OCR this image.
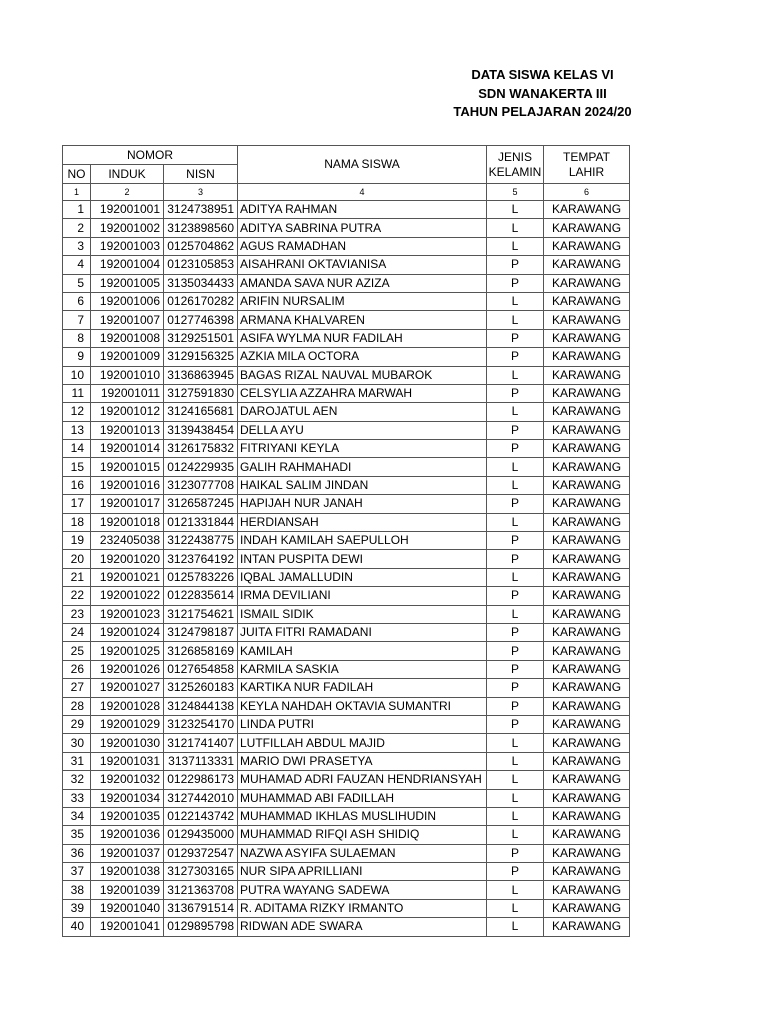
DATA SISWA KELAS VI
SDN WANAKERTA III
TAHUN PELAJARAN 2024/20
NOMOR			NAMA SISWA	JENIS KELAMIN	TEMPAT LAHIR
NO	INDUK	NISN			
1	2	3	4	5	6
1	192001001	3124738951	ADITYA RAHMAN	L	KARAWANG
2	192001002	3123898560	ADITYA SABRINA PUTRA	L	KARAWANG
3	192001003	0125704862	AGUS RAMADHAN	L	KARAWANG
4	192001004	0123105853	AISAHRANI OKTAVIANISA	P	KARAWANG
5	192001005	3135034433	AMANDA SAVA NUR AZIZA	P	KARAWANG
6	192001006	0126170282	ARIFIN NURSALIM	L	KARAWANG
7	192001007	0127746398	ARMANA KHALVAREN	L	KARAWANG
8	192001008	3129251501	ASIFA WYLMA NUR FADILAH	P	KARAWANG
9	192001009	3129156325	AZKIA MILA OCTORA	P	KARAWANG
10	192001010	3136863945	BAGAS RIZAL NAUVAL MUBAROK	L	KARAWANG
11	192001011	3127591830	CELSYLIA AZZAHRA MARWAH	P	KARAWANG
12	192001012	3124165681	DAROJATUL AEN	L	KARAWANG
13	192001013	3139438454	DELLA AYU	P	KARAWANG
14	192001014	3126175832	FITRIYANI KEYLA	P	KARAWANG
15	192001015	0124229935	GALIH RAHMAHADI	L	KARAWANG
16	192001016	3123077708	HAIKAL SALIM JINDAN	L	KARAWANG
17	192001017	3126587245	HAPIJAH NUR JANAH	P	KARAWANG
18	192001018	0121331844	HERDIANSAH	L	KARAWANG
19	232405038	3122438775	INDAH KAMILAH SAEPULLOH	P	KARAWANG
20	192001020	3123764192	INTAN PUSPITA DEWI	P	KARAWANG
21	192001021	0125783226	IQBAL JAMALLUDIN	L	KARAWANG
22	192001022	0122835614	IRMA DEVILIANI	P	KARAWANG
23	192001023	3121754621	ISMAIL SIDIK	L	KARAWANG
24	192001024	3124798187	JUITA FITRI RAMADANI	P	KARAWANG
25	192001025	3126858169	KAMILAH	P	KARAWANG
26	192001026	0127654858	KARMILA SASKIA	P	KARAWANG
27	192001027	3125260183	KARTIKA NUR FADILAH	P	KARAWANG
28	192001028	3124844138	KEYLA NAHDAH OKTAVIA SUMANTRI	P	KARAWANG
29	192001029	3123254170	LINDA PUTRI	P	KARAWANG
30	192001030	3121741407	LUTFILLAH ABDUL MAJID	L	KARAWANG
31	192001031	3137113331	MARIO DWI PRASETYA	L	KARAWANG
32	192001032	0122986173	MUHAMAD ADRI FAUZAN HENDRIANSYAH	L	KARAWANG
33	192001034	3127442010	MUHAMMAD ABI FADILLAH	L	KARAWANG
34	192001035	0122143742	MUHAMMAD IKHLAS MUSLIHUDIN	L	KARAWANG
35	192001036	0129435000	MUHAMMAD RIFQI ASH SHIDIQ	L	KARAWANG
36	192001037	0129372547	NAZWA ASYIFA SULAEMAN	P	KARAWANG
37	192001038	3127303165	NUR SIPA APRILLIANI	P	KARAWANG
38	192001039	3121363708	PUTRA WAYANG SADEWA	L	KARAWANG
39	192001040	3136791514	R. ADITAMA RIZKY IRMANTO	L	KARAWANG
40	192001041	0129895798	RIDWAN ADE SWARA	L	KARAWANG
